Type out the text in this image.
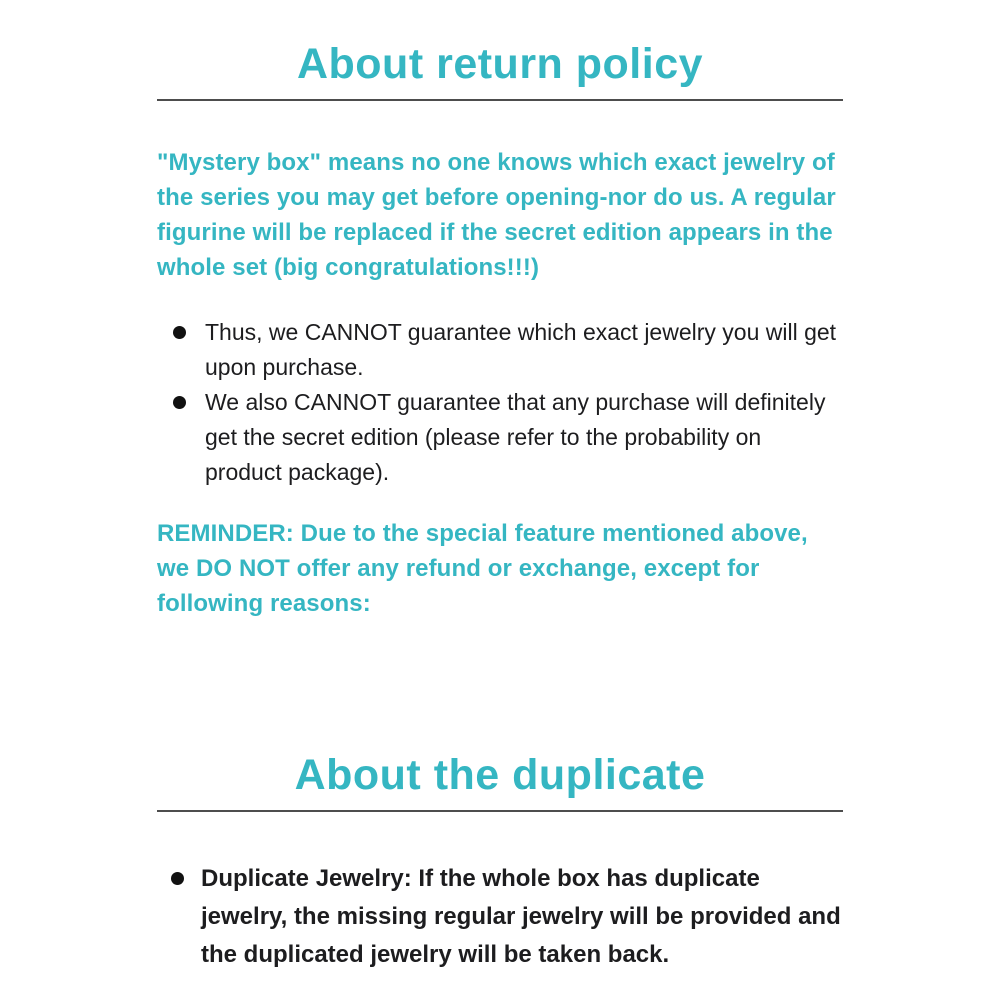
About return policy

"Mystery box" means no one knows which exact jewelry of the series you may get before opening-nor do us. A regular figurine will be replaced if the secret edition appears in the whole set (big congratulations!!!)

Thus, we CANNOT guarantee which exact jewelry you will get upon purchase.
We also CANNOT guarantee that any purchase will definitely get the secret edition (please refer to the probability on product package).

REMINDER: Due to the special feature mentioned above, we DO NOT offer any refund or exchange, except for following reasons:

About the duplicate
Duplicate Jewelry: If the whole box has duplicate jewelry, the missing regular jewelry will be provided and the duplicated jewelry will be taken back.
